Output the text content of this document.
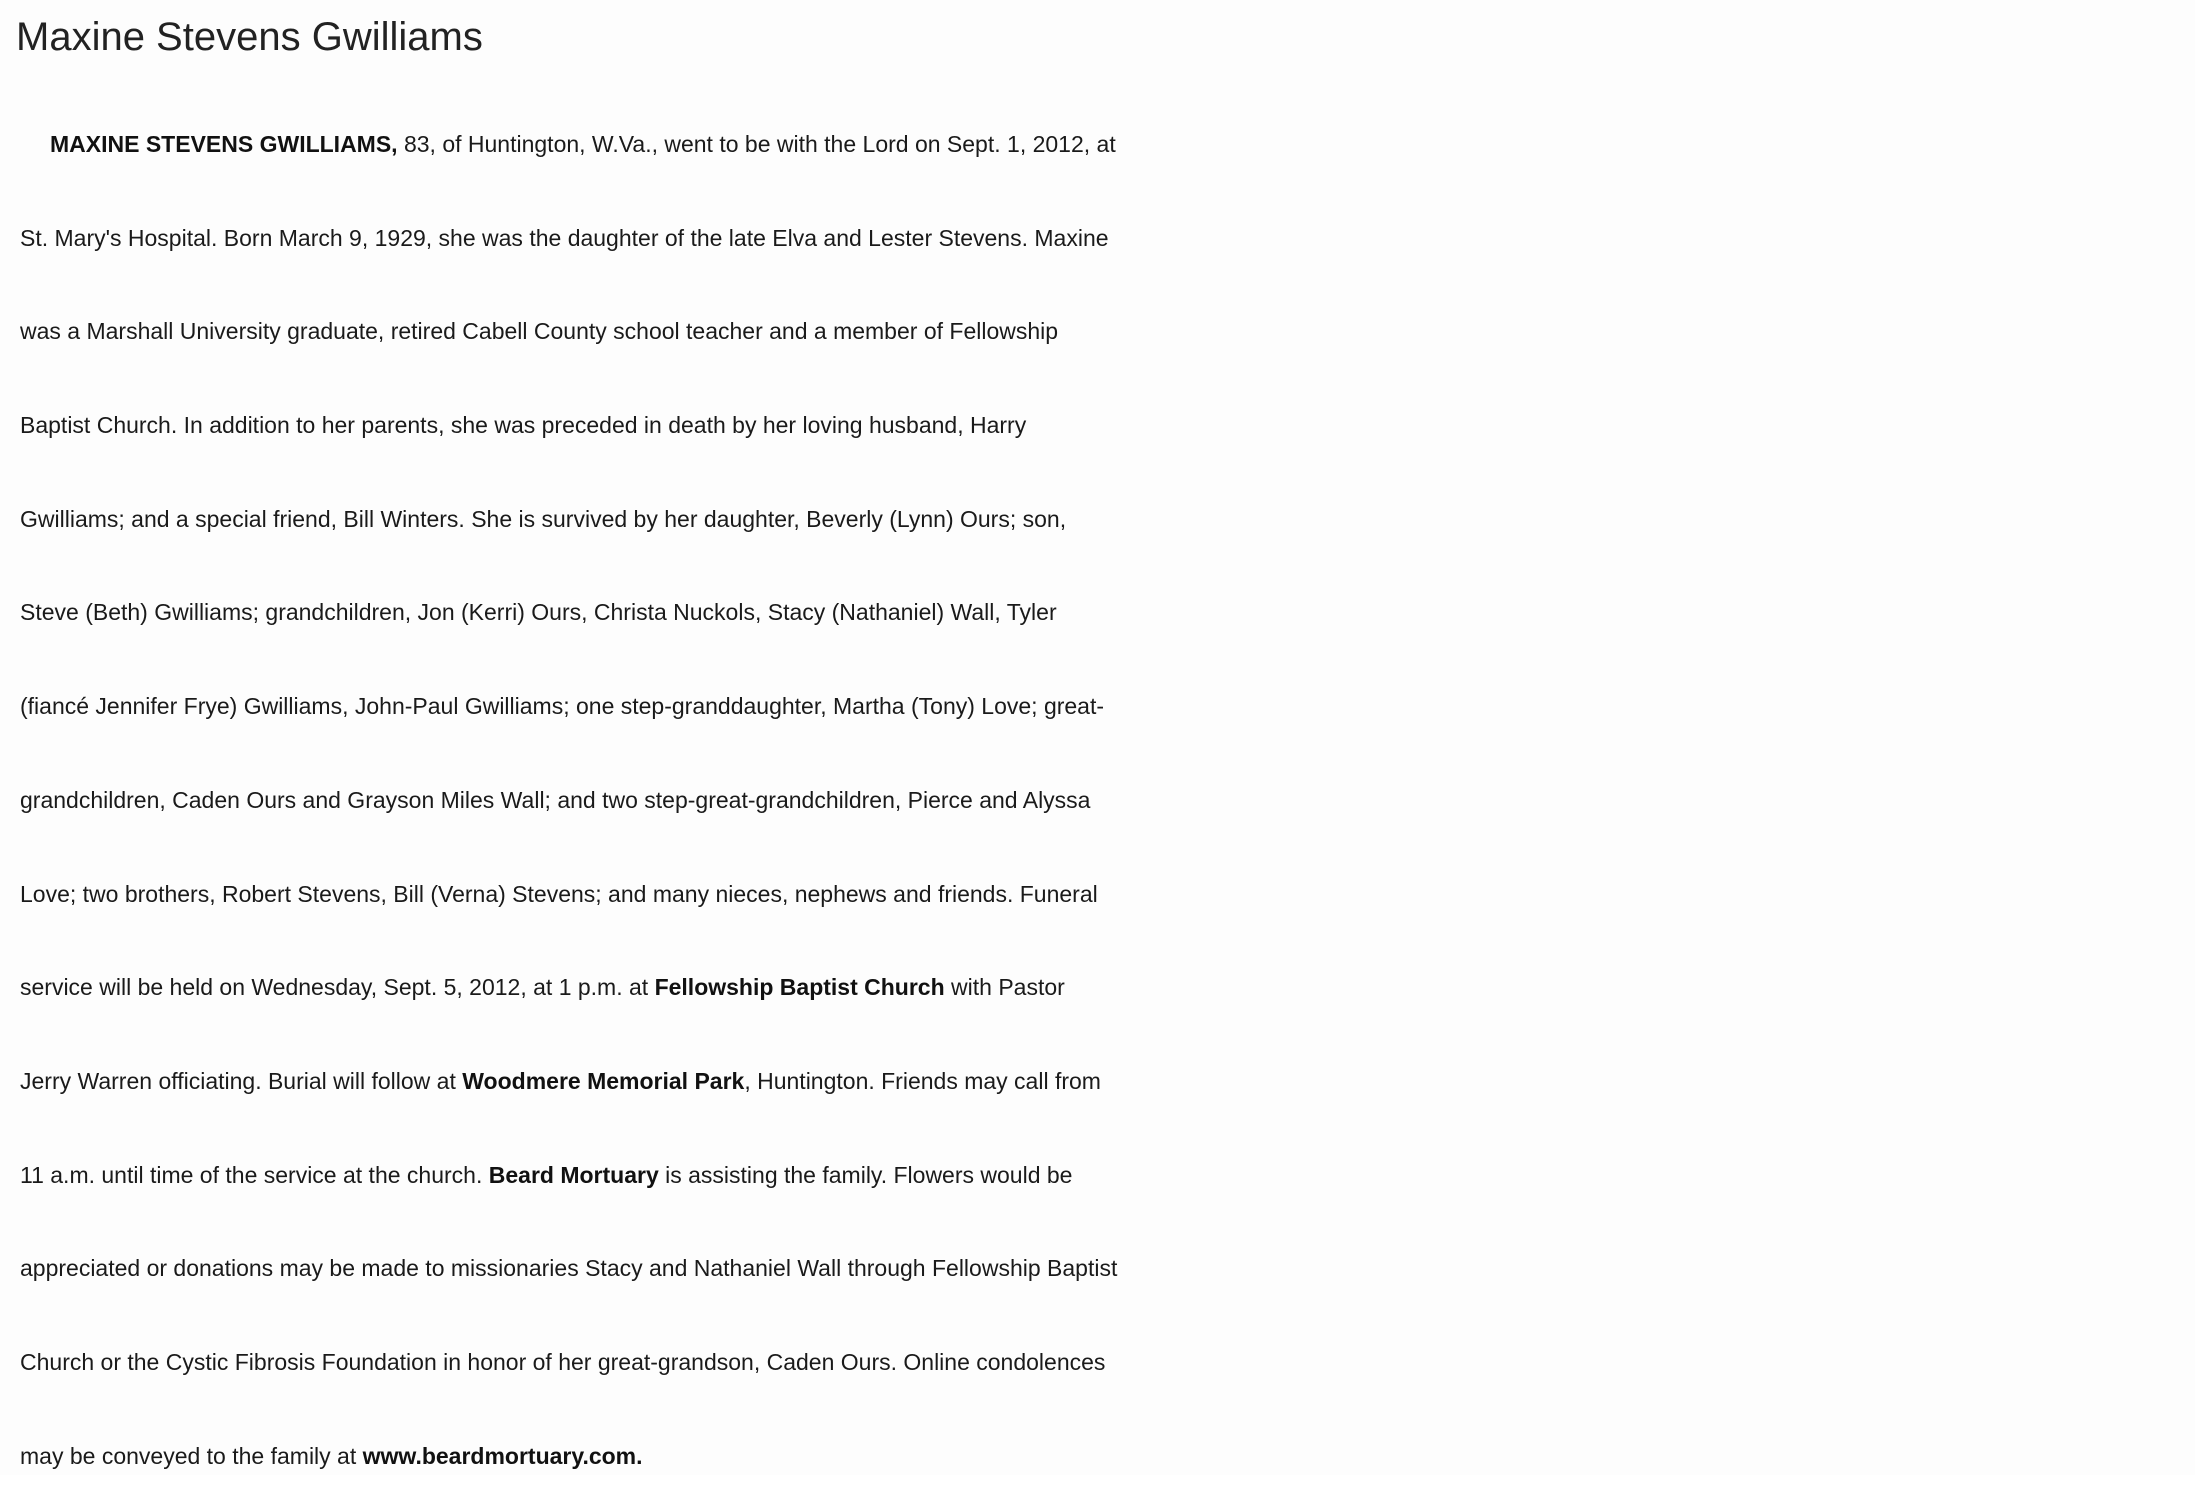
Maxine Stevens Gwilliams
MAXINE STEVENS GWILLIAMS, 83, of Huntington, W.Va., went to be with the Lord on Sept. 1, 2012, at
St. Mary's Hospital. Born March 9, 1929, she was the daughter of the late Elva and Lester Stevens. Maxine
was a Marshall University graduate, retired Cabell County school teacher and a member of Fellowship
Baptist Church. In addition to her parents, she was preceded in death by her loving husband, Harry
Gwilliams; and a special friend, Bill Winters. She is survived by her daughter, Beverly (Lynn) Ours; son,
Steve (Beth) Gwilliams; grandchildren, Jon (Kerri) Ours, Christa Nuckols, Stacy (Nathaniel) Wall, Tyler
(fiancé Jennifer Frye) Gwilliams, John-Paul Gwilliams; one step-granddaughter, Martha (Tony) Love; great-
grandchildren, Caden Ours and Grayson Miles Wall; and two step-great-grandchildren, Pierce and Alyssa
Love; two brothers, Robert Stevens, Bill (Verna) Stevens; and many nieces, nephews and friends. Funeral
service will be held on Wednesday, Sept. 5, 2012, at 1 p.m. at Fellowship Baptist Church with Pastor
Jerry Warren officiating. Burial will follow at Woodmere Memorial Park, Huntington. Friends may call from
11 a.m. until time of the service at the church. Beard Mortuary is assisting the family. Flowers would be
appreciated or donations may be made to missionaries Stacy and Nathaniel Wall through Fellowship Baptist
Church or the Cystic Fibrosis Foundation in honor of her great-grandson, Caden Ours. Online condolences
may be conveyed to the family at www.beardmortuary.com.
